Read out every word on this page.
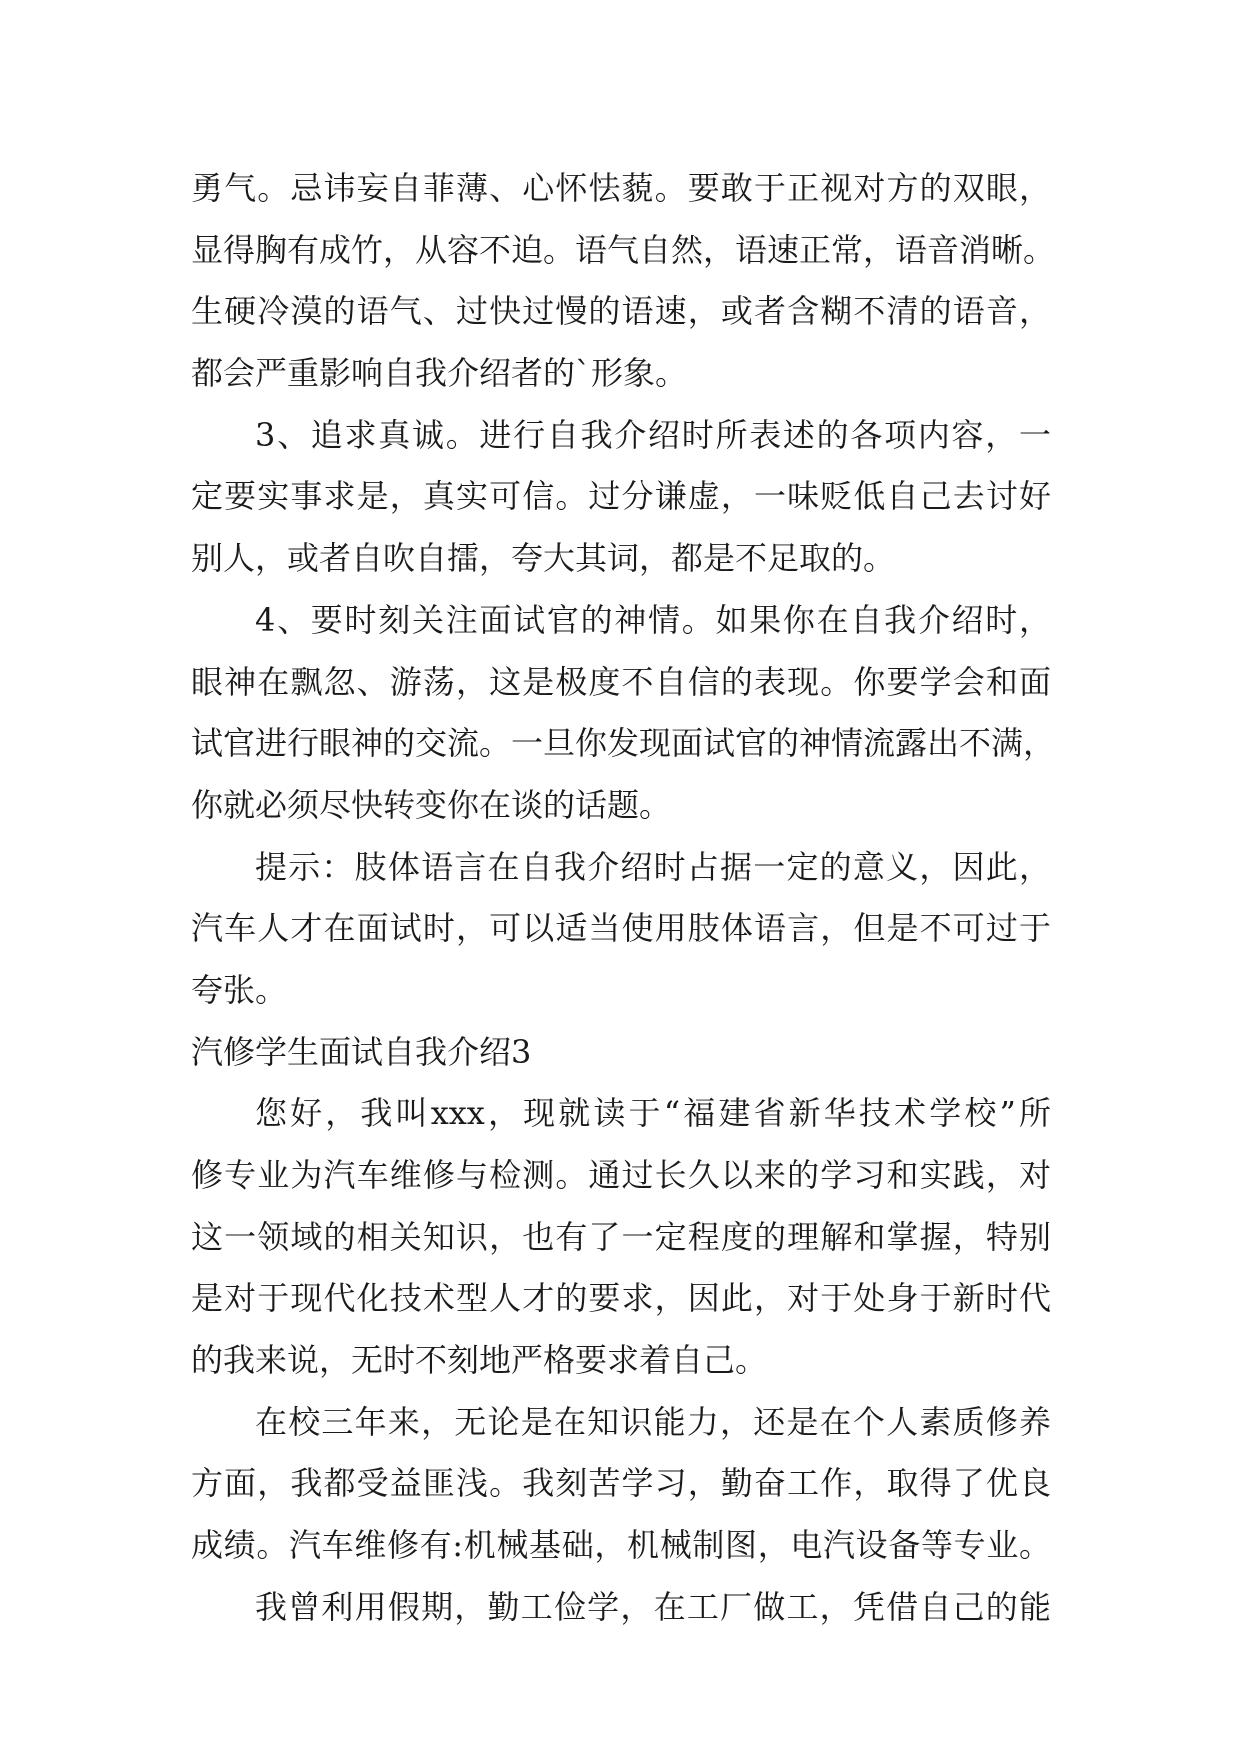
勇气。忌讳妄自菲薄、心怀怯藐。要敢于正视对方的双眼，
显得胸有成竹，从容不迫。语气自然，语速正常，语音消晰。
生硬冷漠的语气、过快过慢的语速，或者含糊不清的语音，
都会严重影响自我介绍者的`形象。
3、追求真诚。进行自我介绍时所表述的各项内容，一
定要实事求是，真实可信。过分谦虚，一味贬低自己去讨好
别人，或者自吹自擂，夸大其词，都是不足取的。
4、要时刻关注面试官的神情。如果你在自我介绍时，
眼神在飘忽、游荡，这是极度不自信的表现。你要学会和面
试官进行眼神的交流。一旦你发现面试官的神情流露出不满，
你就必须尽快转变你在谈的话题。
提示：肢体语言在自我介绍时占据一定的意义，因此，
汽车人才在面试时，可以适当使用肢体语言，但是不可过于
夸张。
汽修学生面试自我介绍3
您好，我叫xxx，现就读于“福建省新华技术学校”所
修专业为汽车维修与检测。通过长久以来的学习和实践，对
这一领域的相关知识，也有了一定程度的理解和掌握，特别
是对于现代化技术型人才的要求，因此，对于处身于新时代
的我来说，无时不刻地严格要求着自己。
在校三年来，无论是在知识能力，还是在个人素质修养
方面，我都受益匪浅。我刻苦学习，勤奋工作，取得了优良
成绩。汽车维修有:机械基础，机械制图，电汽设备等专业。
我曾利用假期，勤工俭学，在工厂做工，凭借自己的能
